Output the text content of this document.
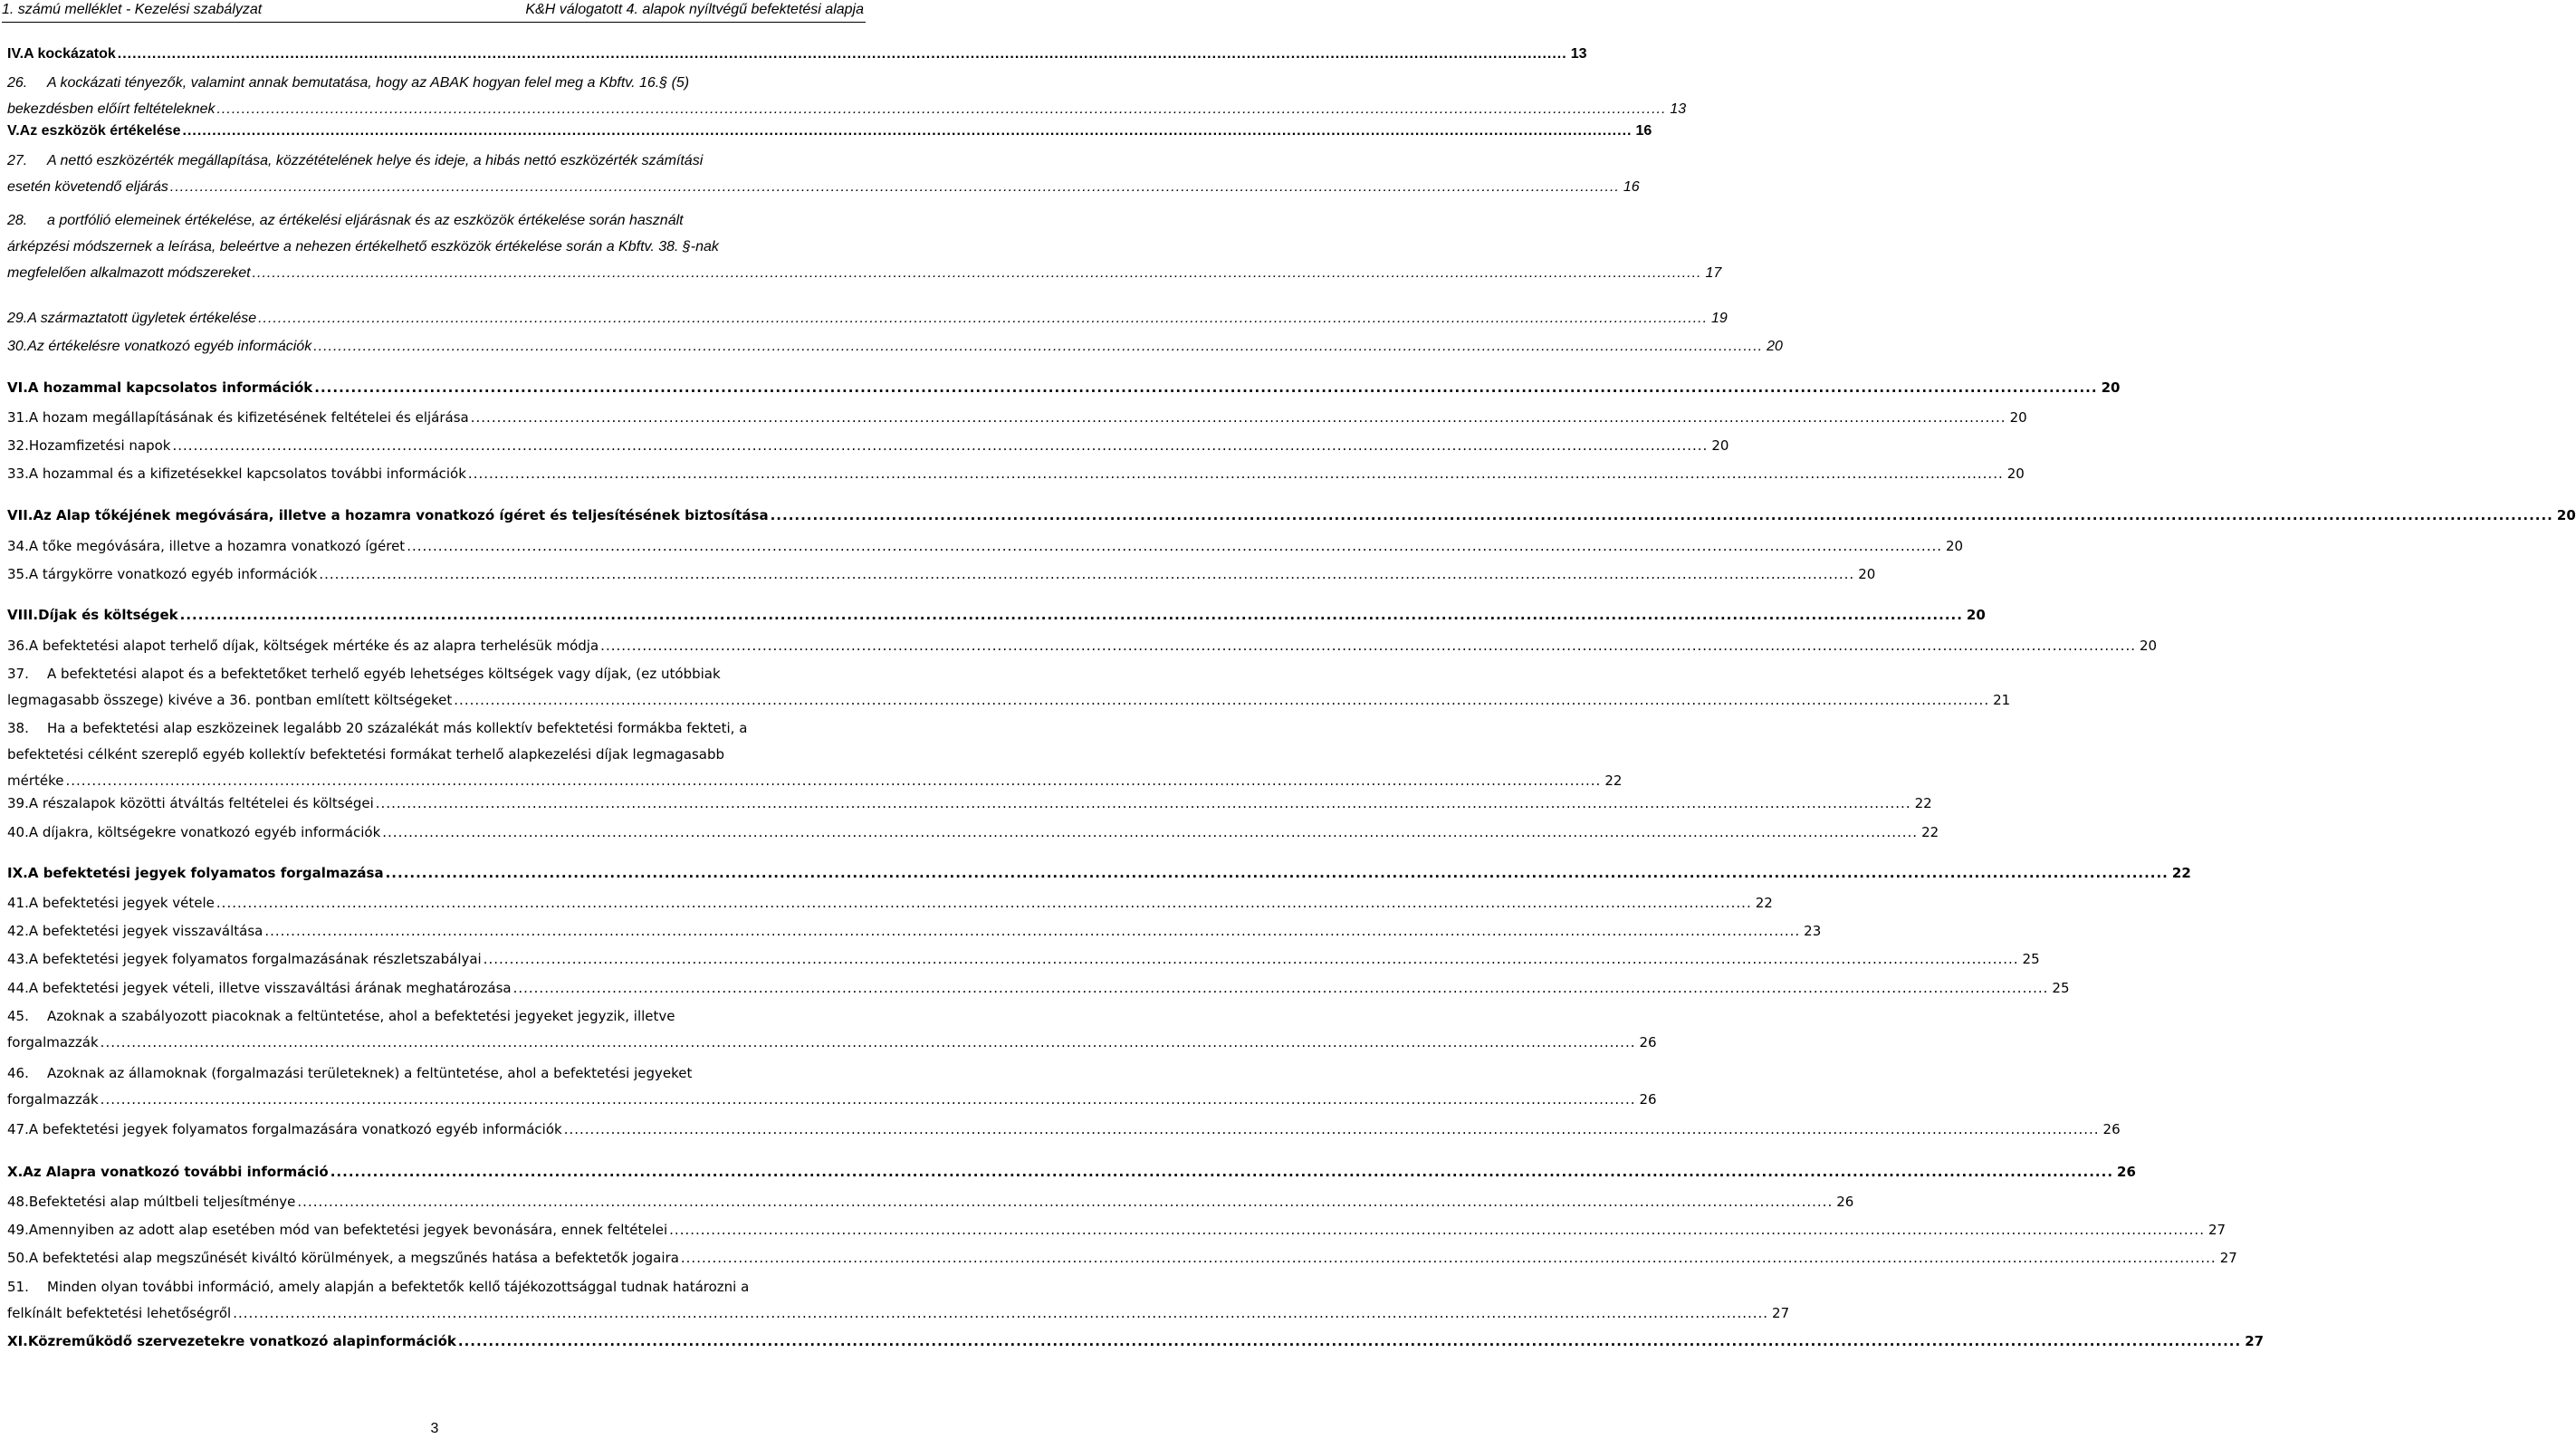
1. számú melléklet - Kezelési szabályzat	K&H válogatott 4. alapok nyíltvégű befektetési alapja
IV. A kockázatok .....	13
26.	A kockázati tényezők, valamint annak bemutatása, hogy az ABAK hogyan felel meg a Kbftv. 16.§ (5)
bekezdésben előírt feltételeknek .....	13
V. Az eszközök értékelése .....	16
27.	A nettó eszközérték megállapítása, közzétételének helye és ideje, a hibás nettó eszközérték számítási
esetén követendő eljárás .....	16
28.	a portfólió elemeinek értékelése, az értékelési eljárásnak és az eszközök értékelése során használt
árképzési módszernek a leírása, beleértve a nehezen értékelhető eszközök értékelése során a Kbftv. 38. §-nak
megfelelően alkalmazott módszereket .....	17
29. A származtatott ügyletek értékelése .....	19
30. Az értékelésre vonatkozó egyéb információk .....	20
VI. A hozammal kapcsolatos információk .....	20
31. A hozam megállapításának és kifizetésének feltételei és eljárása .....	20
32. Hozamfizetési napok .....	20
33. A hozammal és a kifizetésekkel kapcsolatos további információk .....	20
VII. Az Alap tőkéjének megóvására, illetve a hozamra vonatkozó ígéret és teljesítésének biztosítása .....	20
34. A tőke megóvására, illetve a hozamra vonatkozó ígéret .....	20
35. A tárgykörre vonatkozó egyéb információk .....	20
VIII. Díjak és költségek .....	20
36. A befektetési alapot terhelő díjak, költségek mértéke és az alapra terhelésük módja .....	20
37.	A befektetési alapot és a befektetőket terhelő egyéb lehetséges költségek vagy díjak, (ez utóbbiak
legmagasabb összege) kivéve a 36. pontban említett költségeket .....	21
38.	Ha a befektetési alap eszközeinek legalább 20 százalékát más kollektív befektetési formákba fekteti, a
befektetési célként szereplő egyéb kollektív befektetési formákat terhelő alapkezelési díjak legmagasabb
mértéke .....	22
39. A részalapok közötti átváltás feltételei és költségei .....	22
40. A díjakra, költségekre vonatkozó egyéb információk .....	22
IX. A befektetési jegyek folyamatos forgalmazása .....	22
41. A befektetési jegyek vétele .....	22
42. A befektetési jegyek visszaváltása .....	23
43. A befektetési jegyek folyamatos forgalmazásának részletszabályai .....	25
44. A befektetési jegyek vételi, illetve visszaváltási árának meghatározása .....	25
45.	Azoknak a szabályozott piacoknak a feltüntetése, ahol a befektetési jegyeket jegyzik, illetve
forgalmazzák .....	26
46.	Azoknak az államoknak (forgalmazási területeknek) a feltüntetése, ahol a befektetési jegyeket
forgalmazzák .....	26
47. A befektetési jegyek folyamatos forgalmazására vonatkozó egyéb információk .....	26
X. Az Alapra vonatkozó további információ .....	26
48. Befektetési alap múltbeli teljesítménye .....	26
49. Amennyiben az adott alap esetében mód van befektetési jegyek bevonására, ennek feltételei .....	27
50. A befektetési alap megszűnését kiváltó körülmények, a megszűnés hatása a befektetők jogaira .....	27
51.	Minden olyan további információ, amely alapján a befektetők kellő tájékozottsággal tudnak határozni a
felkínált befektetési lehetőségről .....	27
XI. Közreműködő szervezetekre vonatkozó alapinformációk .....	27
3
